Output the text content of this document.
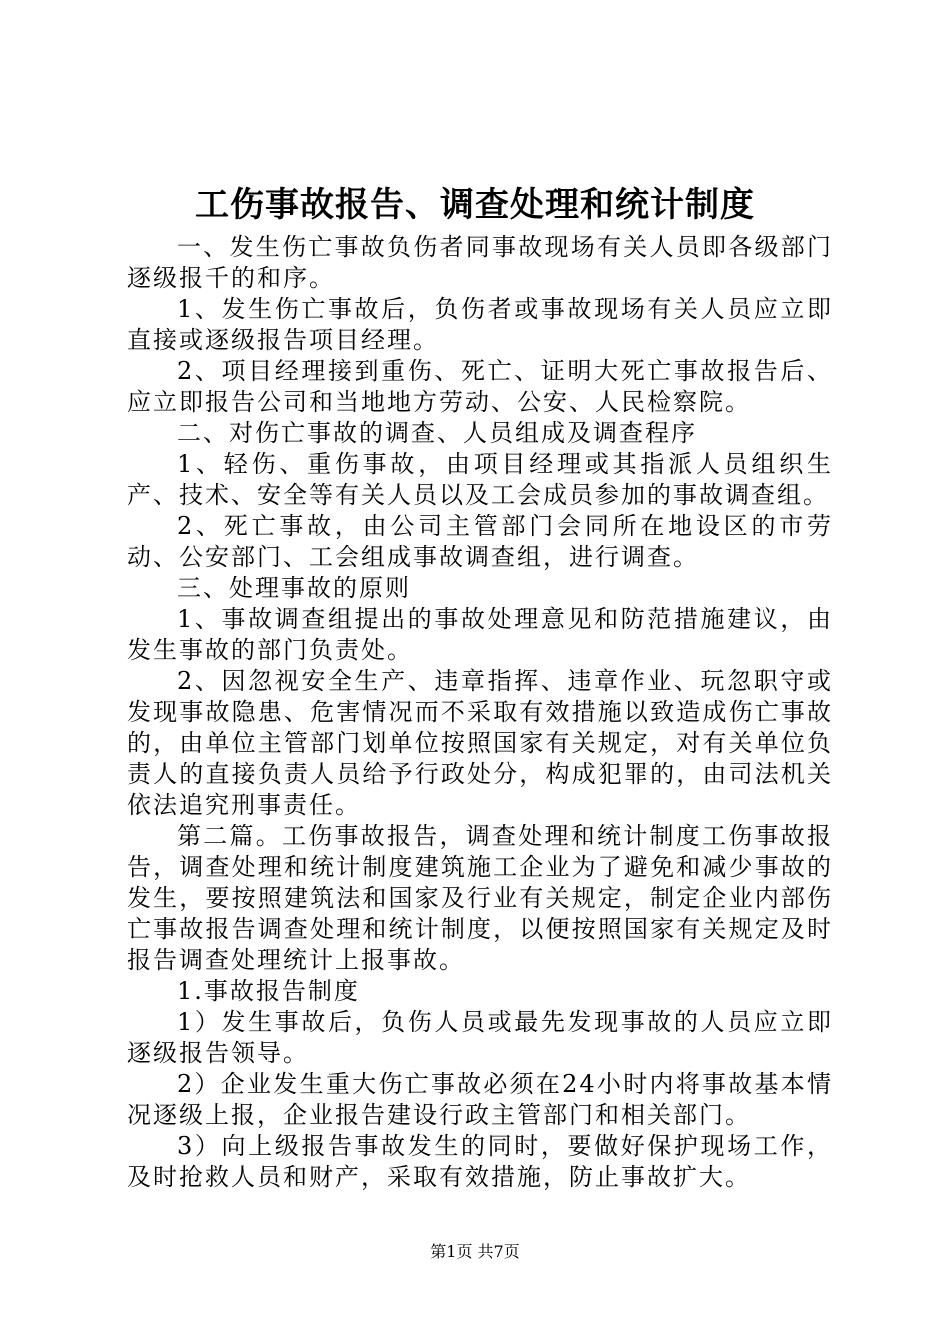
工伤事故报告、调查处理和统计制度

一、发生伤亡事故负伤者同事故现场有关人员即各级部门逐级报千的和序。

1、发生伤亡事故后，负伤者或事故现场有关人员应立即直接或逐级报告项目经理。

2、项目经理接到重伤、死亡、证明大死亡事故报告后、应立即报告公司和当地地方劳动、公安、人民检察院。

二、对伤亡事故的调查、人员组成及调查程序

1、轻伤、重伤事故，由项目经理或其指派人员组织生产、技术、安全等有关人员以及工会成员参加的事故调查组。

2、死亡事故，由公司主管部门会同所在地设区的市劳动、公安部门、工会组成事故调查组，进行调查。

三、处理事故的原则

1、事故调查组提出的事故处理意见和防范措施建议，由发生事故的部门负责处。

2、因忽视安全生产、违章指挥、违章作业、玩忽职守或发现事故隐患、危害情况而不采取有效措施以致造成伤亡事故的，由单位主管部门划单位按照国家有关规定，对有关单位负责人的直接负责人员给予行政处分，构成犯罪的，由司法机关依法追究刑事责任。

第二篇。工伤事故报告，调查处理和统计制度工伤事故报告，调查处理和统计制度建筑施工企业为了避免和减少事故的发生，要按照建筑法和国家及行业有关规定，制定企业内部伤亡事故报告调查处理和统计制度，以便按照国家有关规定及时报告调查处理统计上报事故。

1.事故报告制度

1）发生事故后，负伤人员或最先发现事故的人员应立即逐级报告领导。

2）企业发生重大伤亡事故必须在24小时内将事故基本情况逐级上报，企业报告建设行政主管部门和相关部门。

3）向上级报告事故发生的同时，要做好保护现场工作，及时抢救人员和财产，采取有效措施，防止事故扩大。

第1页 共7页
